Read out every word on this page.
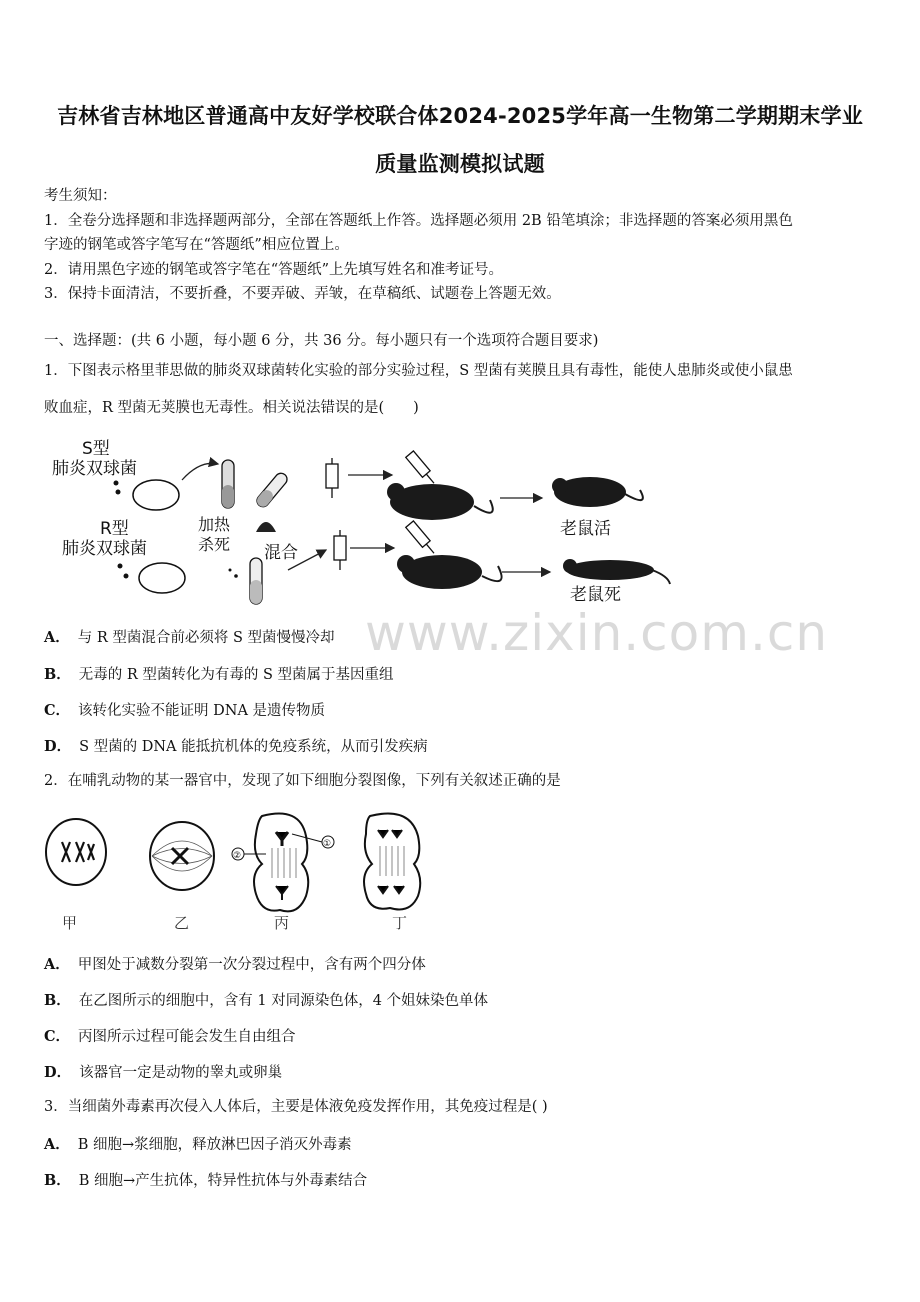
吉林省吉林地区普通高中友好学校联合体2024-2025学年高一生物第二学期期末学业
质量监测模拟试题
考生须知：
1．全卷分选择题和非选择题两部分，全部在答题纸上作答。选择题必须用 2B 铅笔填涂；非选择题的答案必须用黑色
字迹的钢笔或答字笔写在“答题纸”相应位置上。
2．请用黑色字迹的钢笔或答字笔在“答题纸”上先填写姓名和准考证号。
3．保持卡面清洁，不要折叠，不要弄破、弄皱，在草稿纸、试题卷上答题无效。
一、选择题：(共 6 小题，每小题 6 分，共 36 分。每小题只有一个选项符合题目要求)
1．下图表示格里菲思做的肺炎双球菌转化实验的部分实验过程，S 型菌有荚膜且具有毒性，能使人患肺炎或使小鼠患
败血症，R 型菌无荚膜也无毒性。相关说法错误的是(　　)
S型
肺炎双球菌
加热
杀死 混合
老鼠活
R型
肺炎双球菌
老鼠死
www.zixin.com.cn
A． 与 R 型菌混合前必须将 S 型菌慢慢冷却
B． 无毒的 R 型菌转化为有毒的 S 型菌属于基因重组
C． 该转化实验不能证明 DNA 是遗传物质
D． S 型菌的 DNA 能抵抗机体的免疫系统，从而引发疾病
2．在哺乳动物的某一器官中，发现了如下细胞分裂图像，下列有关叙述正确的是
甲	乙
②
①
丙	丁
A． 甲图处于减数分裂第一次分裂过程中，含有两个四分体
B． 在乙图所示的细胞中，含有 1 对同源染色体，4 个姐妹染色单体
C． 丙图所示过程可能会发生自由组合
D． 该器官一定是动物的睾丸或卵巢
3．当细菌外毒素再次侵入人体后，主要是体液免疫发挥作用，其免疫过程是( )
A． B 细胞→浆细胞，释放淋巴因子消灭外毒素
B． B 细胞→产生抗体，特异性抗体与外毒素结合
